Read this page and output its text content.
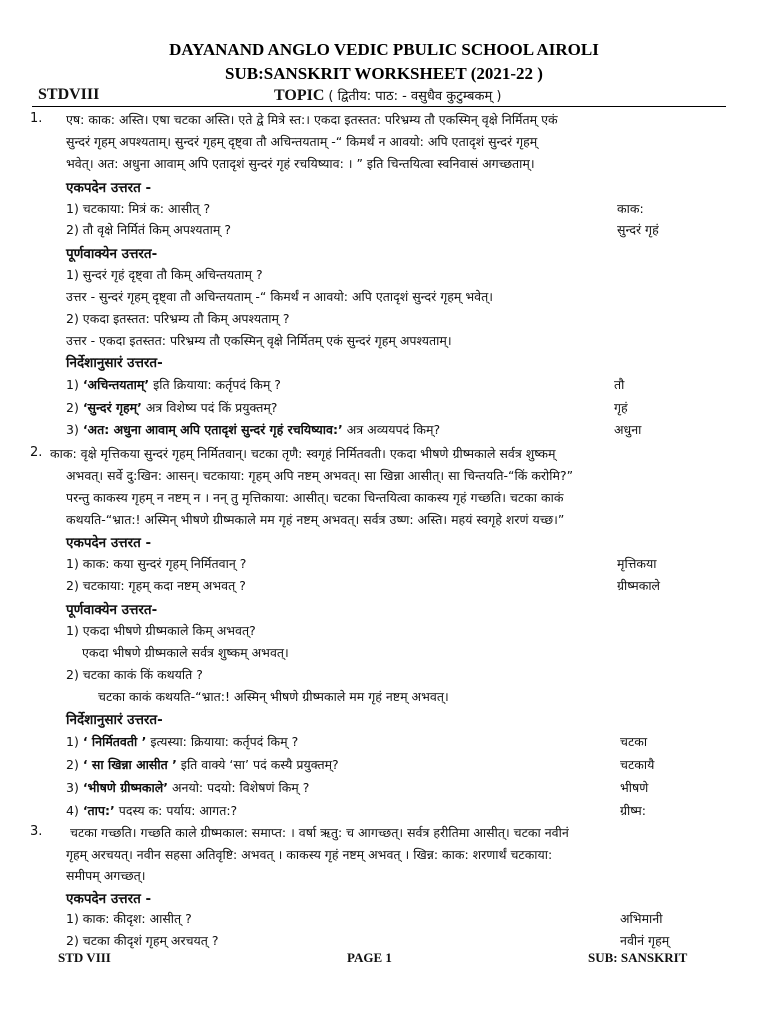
DAYANAND ANGLO VEDIC PBULIC SCHOOL AIROLI
SUB:SANSKRIT WORKSHEET (2021-22 )
STDVIII	TOPIC ( द्वितीय: पाठ: - वसुधैव कुटुम्बकम् )
1. एष: काक: अस्ति। एषा चटका अस्ति। एते द्वे मित्रे स्त:। एकदा इतस्तत: परिभ्रम्य तौ एकस्मिन् वृक्षे निर्मितम् एकं
सुन्दरं गृहम् अपश्यताम्। सुन्दरं गृहम् दृष्ट्वा तौ अचिन्तयताम् -“ किमर्थं न आवयो: अपि एतादृशं सुन्दरं गृहम्
भवेत्। अत: अधुना आवाम् अपि एतादृशं सुन्दरं गृहं रचयिष्याव: । ” इति चिन्तयित्वा स्वनिवासं अगच्छताम्।
एकपदेन उत्तरत -
1) चटकाया: मित्रं क: आसीत् ?	काक:
2) तौ वृक्षे निर्मितं किम् अपश्यताम् ?	सुन्दरं गृहं
पूर्णवाक्येन उत्तरत-
1) सुन्दरं गृहं दृष्ट्वा तौ किम् अचिन्तयताम् ?
उत्तर - सुन्दरं गृहम् दृष्ट्वा तौ अचिन्तयताम् -“ किमर्थं न आवयो: अपि एतादृशं सुन्दरं गृहम् भवेत्।
2) एकदा इतस्तत: परिभ्रम्य तौ किम् अपश्यताम् ?
उत्तर - एकदा इतस्तत: परिभ्रम्य तौ एकस्मिन् वृक्षे निर्मितम् एकं सुन्दरं गृहम् अपश्यताम्।
निर्देशानुसारं उत्तरत-
1) ‘अचिन्तयताम्’ इति क्रियाया: कर्तृपदं किम् ?	तौ
2) ‘सुन्दरं गृहम्’ अत्र विशेष्य पदं किं प्रयुक्तम्?	गृहं
3) ‘अत: अधुना आवाम् अपि एतादृशं सुन्दरं गृहं रचयिष्याव:’ अत्र अव्ययपदं किम्?	अधुना
2. काक: वृक्षे मृत्तिकया सुन्दरं गृहम् निर्मितवान्। चटका तृणै: स्वगृहं निर्मितवती। एकदा भीषणे ग्रीष्मकाले सर्वत्र शुष्कम्
अभवत्। सर्वे दु:खिन: आसन्। चटकाया: गृहम् अपि नष्टम् अभवत्। सा खिन्ना आसीत्। सा चिन्तयति-“किं करोमि?”
परन्तु काकस्य गृहम् न नष्टम् न । नन् तु मृत्तिकाया: आसीत्। चटका चिन्तयित्वा काकस्य गृहं गच्छति। चटका काकं
कथयति-“भ्रात:! अस्मिन् भीषणे ग्रीष्मकाले मम गृहं नष्टम् अभवत्। सर्वत्र उष्ण: अस्ति। महयं स्वगृहे शरणं यच्छ।”
एकपदेन उत्तरत -
1) काक: कया सुन्दरं गृहम् निर्मितवान् ?	मृत्तिकया
2) चटकाया: गृहम् कदा नष्टम् अभवत् ?	ग्रीष्मकाले
पूर्णवाक्येन उत्तरत-
1) एकदा भीषणे ग्रीष्मकाले किम् अभवत्?
एकदा भीषणे ग्रीष्मकाले सर्वत्र शुष्कम् अभवत्।
2) चटका काकं किं कथयति ?
चटका काकं कथयति-“भ्रात:! अस्मिन् भीषणे ग्रीष्मकाले मम गृहं नष्टम् अभवत्।
निर्देशानुसारं उत्तरत-
1) ‘ निर्मितवती ’ इत्यस्या: क्रियाया: कर्तृपदं किम् ?	चटका
2) ‘ सा खिन्ना आसीत ’ इति वाक्ये ‘सा’ पदं कस्यै प्रयुक्तम्?	चटकायै
3) ‘भीषणे ग्रीष्मकाले’ अनयो: पदयो: विशेषणं किम् ?	भीषणे
4) ‘ताप:’ पदस्य क: पर्याय: आगत:?	ग्रीष्म:
3. चटका गच्छति। गच्छति काले ग्रीष्मकाल: समाप्त: । वर्षा ऋतु: च आगच्छत्। सर्वत्र हरीतिमा आसीत्। चटका नवीनं
गृहम् अरचयत्। नवीन सहसा अतिवृष्टि: अभवत् । काकस्य गृहं नष्टम् अभवत् । खिन्न: काक: शरणार्थं चटकाया:
समीपम् अगच्छत्।
एकपदेन उत्तरत -
1) काक: कीदृश: आसीत् ?	अभिमानी
2) चटका कीदृशं गृहम् अरचयत् ?	नवीनं गृहम्
STD VIII	PAGE 1	SUB: SANSKRIT
